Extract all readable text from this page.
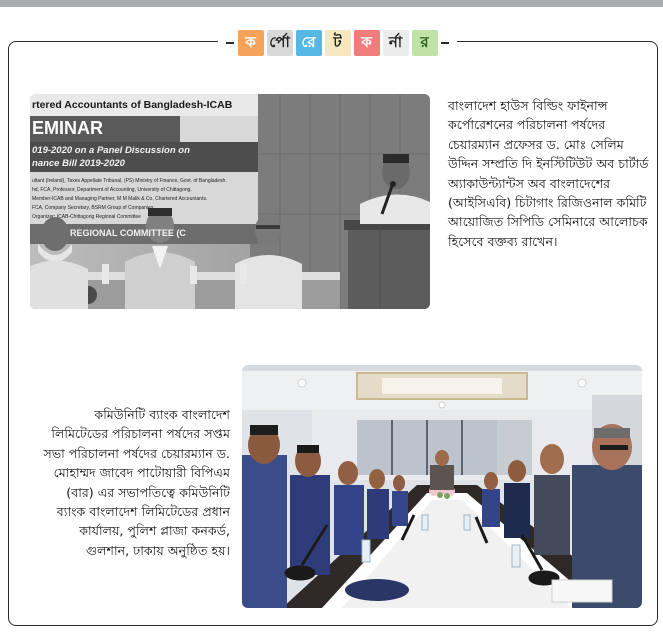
ক র্পো রে	ট	ক	র্না	র
rtered Accountants of Bangladesh-ICAB
EMINAR
019-2020 on a Panel Discussion on
nance Bill 2019-2020
ultant (Ireland), Taxes Appellate Tribunal, (PS) Ministry of Finance, Govt. of Bangladesh.
hd, FCA, Professor, Department of Accounting, University of Chittagong.
Member-ICAB and Managing Partner, M M Malik & Co, Chartered Accountants.
FCA, Company Secretary, BSRM Group of Companies.
Organizer: ICAB-Chittagong Regional Committee
REGIONAL COMMITTEE (C
বাংলাদেশ হাউস বিল্ডিং ফাইনান্স কর্পোরেশনের পরিচালনা পর্ষদের চেয়ারম্যান প্রফেসর ড. মোঃ সেলিম উদ্দিন সম্প্রতি দি ইনস্টিটিউট অব চার্টার্ড অ্যাকাউন্ট্যান্টস অব বাংলাদেশের (আইসিএবি) চিটাগাং রিজিওনাল কমিটি আয়োজিত সিপিডি সেমিনারে আলোচক হিসেবে বক্তব্য রাখেন।
কমিউনিটি ব্যাংক বাংলাদেশ লিমিটেডের পরিচালনা পর্ষদের সপ্তম সভা পরিচালনা পর্ষদের চেয়ারম্যান ড. মোহাম্মদ জাবেদ পাটোয়ারী বিপিএম (বার) এর সভাপতিত্বে কমিউনিটি ব্যাংক বাংলাদেশ লিমিটেডের প্রধান কার্যালয়, পুলিশ প্লাজা কনকর্ড, গুলশান, ঢাকায় অনুষ্ঠিত হয়।
